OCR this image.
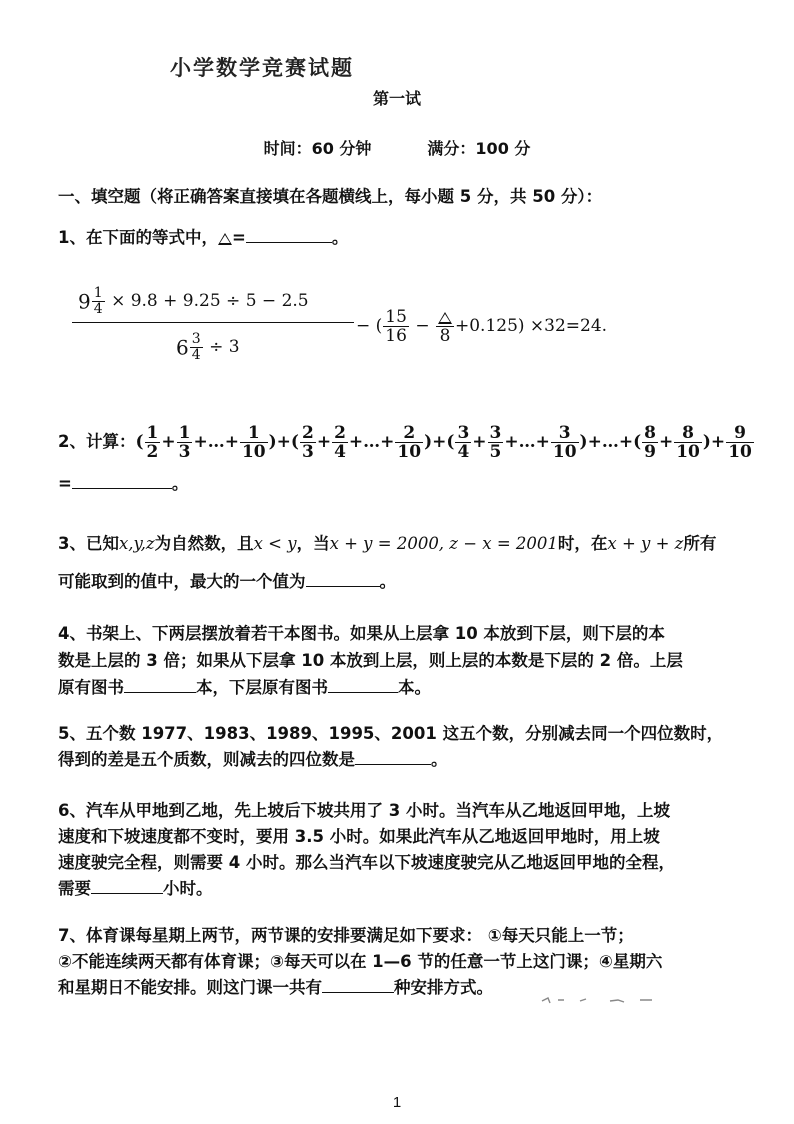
小学数学竞赛试题
第一试
时间：60 分钟	满分：100 分
一、填空题（将正确答案直接填在各题横线上，每小题 5 分，共 50 分）：
1、在下面的等式中， =	。
$9 \frac{1}{4} \times 9.8 + 9.25 \div 5 - 2.5$
$6 \frac{3}{4} \div 3$
− ( $\frac{15}{16} - 8 +0.125) \times 32=24$.
2、计算：( $\frac{1}{2} + \frac{1}{3}$ +…+ $\frac{1}{10}$ )+( $\frac{2}{3} + \frac{2}{4}$ +…+ $\frac{2}{10}$ )+( $\frac{3}{4} + \frac{3}{5}$ +…+ $\frac{3}{10}$ )+…+( $\frac{8}{9} + \frac{8}{10}$ )+ $\frac{9}{10}$
=	。
3、已知x,y,z为自然数，且x < y，当x + y = 2000, z − x = 2001时，在x + y + z所有
可能取到的值中，最大的一个值为	。
4、书架上、下两层摆放着若干本图书。如果从上层拿 10 本放到下层，则下层的本
数是上层的 3 倍；如果从下层拿 10 本放到上层，则上层的本数是下层的 2 倍。上层
原有图书	本，下层原有图书	本。
5、五个数 1977、1983、1989、1995、2001 这五个数，分别减去同一个四位数时，
得到的差是五个质数，则减去的四位数是	。
6、汽车从甲地到乙地，先上坡后下坡共用了 3 小时。当汽车从乙地返回甲地，上坡
速度和下坡速度都不变时，要用 3.5 小时。如果此汽车从乙地返回甲地时，用上坡
速度驶完全程，则需要 4 小时。那么当汽车以下坡速度驶完从乙地返回甲地的全程，
需要	小时。
7、体育课每星期上两节，两节课的安排要满足如下要求： ①每天只能上一节；
②不能连续两天都有体育课；③每天可以在 1—6 节的任意一节上这门课；④星期六
和星期日不能安排。则这门课一共有	种安排方式。
1
